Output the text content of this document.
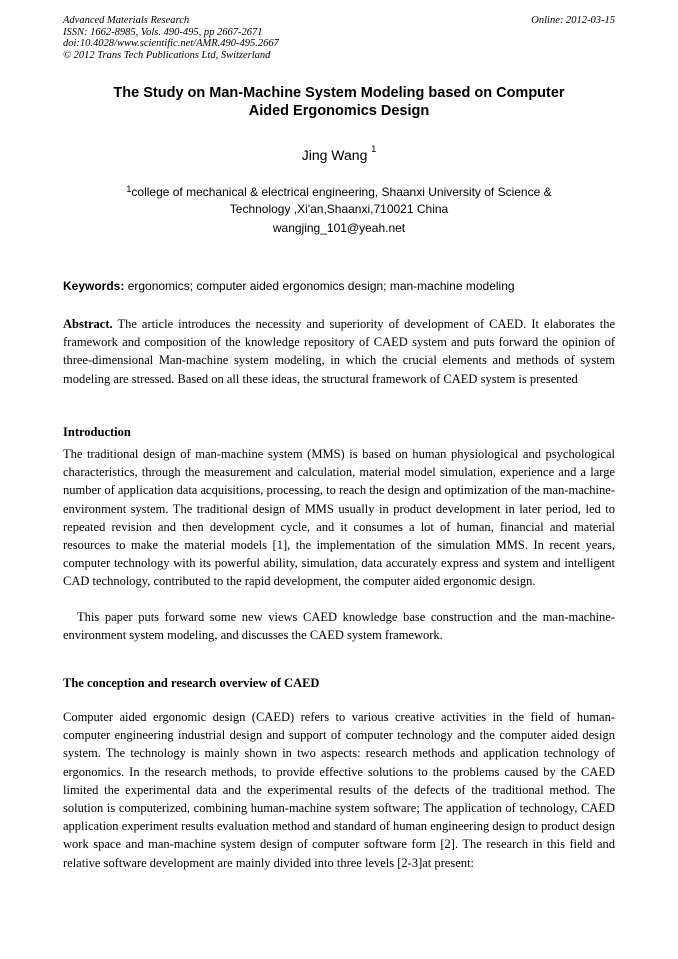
Advanced Materials Research
ISSN: 1662-8985, Vols. 490-495, pp 2667-2671
doi:10.4028/www.scientific.net/AMR.490-495.2667
© 2012 Trans Tech Publications Ltd, Switzerland
Online: 2012-03-15
The Study on Man-Machine System Modeling based on Computer
Aided Ergonomics Design
Jing Wang $^1$
$^1$college of mechanical & electrical engineering, Shaanxi University of Science &
Technology ,Xi'an,Shaanxi,710021 China
wangjing_101@yeah.net
Keywords: ergonomics; computer aided ergonomics design; man-machine modeling

Abstract. The article introduces the necessity and superiority of development of CAED. It elaborates the framework and composition of the knowledge repository of CAED system and puts forward the opinion of three-dimensional Man-machine system modeling, in which the crucial elements and methods of system modeling are stressed. Based on all these ideas, the structural framework of CAED system is presented

Introduction

The traditional design of man-machine system (MMS) is based on human physiological and psychological characteristics, through the measurement and calculation, material model simulation, experience and a large number of application data acquisitions, processing, to reach the design and optimization of the man-machine-environment system. The traditional design of MMS usually in product development in later period, led to repeated revision and then development cycle, and it consumes a lot of human, financial and material resources to make the material models [1], the implementation of the simulation MMS. In recent years, computer technology with its powerful ability, simulation, data accurately express and system and intelligent CAD technology, contributed to the rapid development, the computer aided ergonomic design.

This paper puts forward some new views CAED knowledge base construction and the man-machine-environment system modeling, and discusses the CAED system framework.

The conception and research overview of CAED

Computer aided ergonomic design (CAED) refers to various creative activities in the field of human-computer engineering industrial design and support of computer technology and the computer aided design system. The technology is mainly shown in two aspects: research methods and application technology of ergonomics. In the research methods, to provide effective solutions to the problems caused by the CAED limited the experimental data and the experimental results of the defects of the traditional method. The solution is computerized, combining human-machine system software; The application of technology, CAED application experiment results evaluation method and standard of human engineering design to product design work space and man-machine system design of computer software form [2]. The research in this field and relative software development are mainly divided into three levels [2-3]at present:
